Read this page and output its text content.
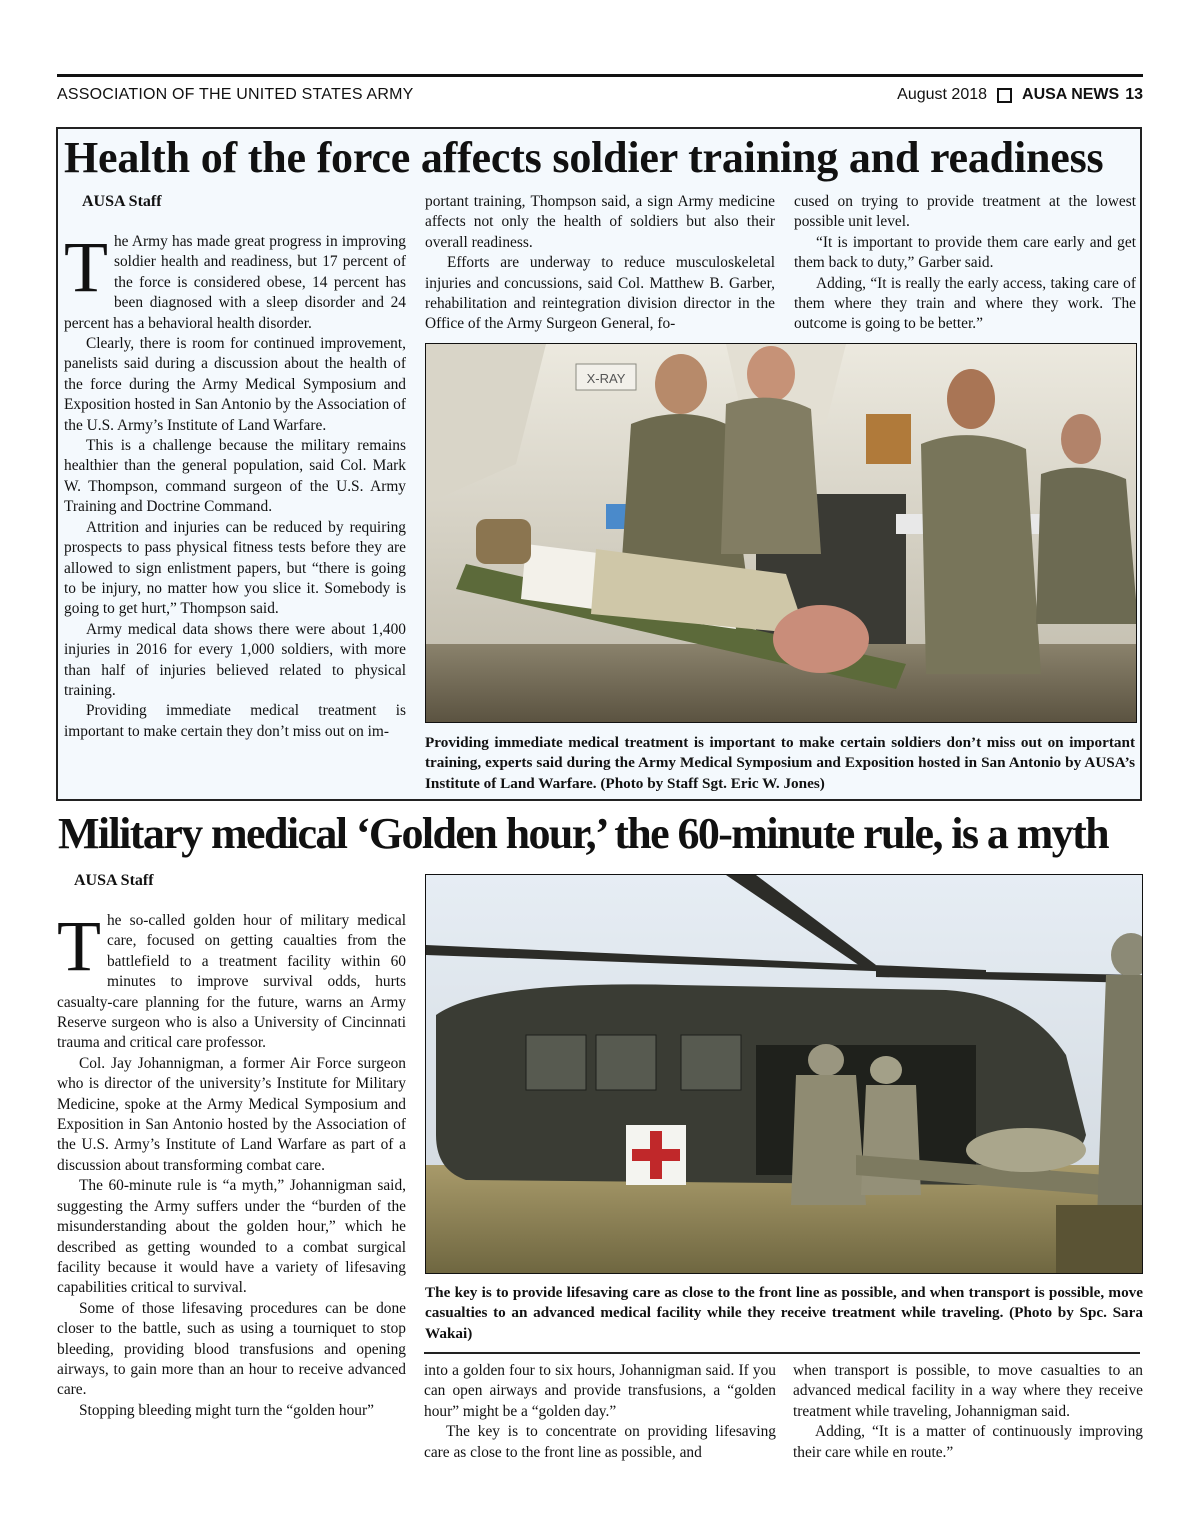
ASSOCIATION OF THE UNITED STATES ARMY	August 2018 AUSA NEWS 13
Health of the force affects soldier training and readiness
AUSA Staff

The Army has made great progress in improving soldier health and readiness, but 17 percent of the force is considered obese, 14 percent has been diagnosed with a sleep disorder and 24 percent has a behavioral health disorder.

Clearly, there is room for continued improvement, panelists said during a discussion about the health of the force during the Army Medical Symposium and Exposition hosted in San Antonio by the Association of the U.S. Army’s Institute of Land Warfare.

This is a challenge because the military remains healthier than the general population, said Col. Mark W. Thompson, command surgeon of the U.S. Army Training and Doctrine Command.

Attrition and injuries can be reduced by requiring prospects to pass physical fitness tests before they are allowed to sign enlistment papers, but “there is going to be injury, no matter how you slice it. Somebody is going to get hurt,” Thompson said.

Army medical data shows there were about 1,400 injuries in 2016 for every 1,000 soldiers, with more than half of injuries believed related to physical training.

Providing immediate medical treatment is important to make certain they don’t miss out on im-

portant training, Thompson said, a sign Army medicine affects not only the health of soldiers but also their overall readiness.

Efforts are underway to reduce musculoskeletal injuries and concussions, said Col. Matthew B. Garber, rehabilitation and reintegration division director in the Office of the Army Surgeon General, fo-

cused on trying to provide treatment at the lowest possible unit level.

“It is important to provide them care early and get them back to duty,” Garber said.

Adding, “It is really the early access, taking care of them where they train and where they work. The outcome is going to be better.”

X-RAY
Providing immediate medical treatment is important to make certain soldiers don’t miss out on important training, experts said during the Army Medical Symposium and Exposition hosted in San Antonio by AUSA’s Institute of Land Warfare. (Photo by Staff Sgt. Eric W. Jones)
Military medical ‘Golden hour,’ the 60-minute rule, is a myth
AUSA Staff

The so-called golden hour of military medical care, focused on getting caualties from the battlefield to a treatment facility within 60 minutes to improve survival odds, hurts casualty-care planning for the future, warns an Army Reserve surgeon who is also a University of Cincinnati trauma and critical care professor.

Col. Jay Johannigman, a former Air Force surgeon who is director of the university’s Institute for Military Medicine, spoke at the Army Medical Symposium and Exposition in San Antonio hosted by the Association of the U.S. Army’s Institute of Land Warfare as part of a discussion about transforming combat care.

The 60-minute rule is “a myth,” Johannigman said, suggesting the Army suffers under the “burden of the misunderstanding about the golden hour,” which he described as getting wounded to a combat surgical facility because it would have a variety of lifesaving capabilities critical to survival.

Some of those lifesaving procedures can be done closer to the battle, such as using a tourniquet to stop bleeding, providing blood transfusions and opening airways, to gain more than an hour to receive advanced care.

Stopping bleeding might turn the “golden hour”

The key is to provide lifesaving care as close to the front line as possible, and when transport is possible, move casualties to an advanced medical facility while they receive treatment while traveling. (Photo by Spc. Sara Wakai)

into a golden four to six hours, Johannigman said. If you can open airways and provide transfusions, a “golden hour” might be a “golden day.”

The key is to concentrate on providing lifesaving care as close to the front line as possible, and

when transport is possible, to move casualties to an advanced medical facility in a way where they receive treatment while traveling, Johannigman said.

Adding, “It is a matter of continuously improving their care while en route.”
